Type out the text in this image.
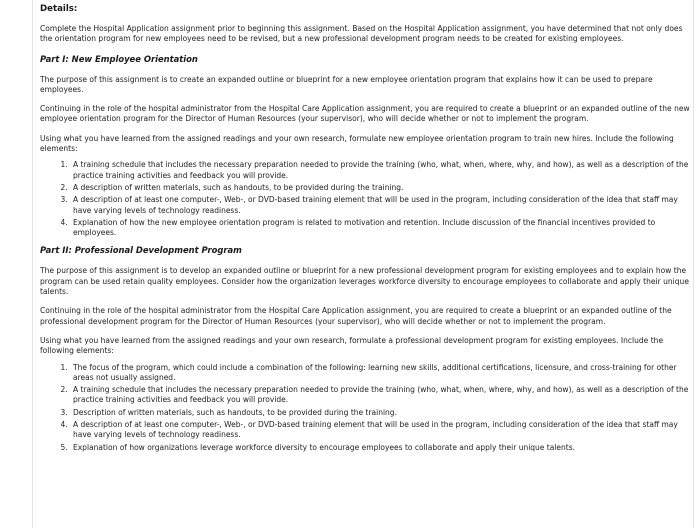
Details:

Complete the Hospital Application assignment prior to beginning this assignment. Based on the Hospital Application assignment, you have determined that not only does the orientation program for new employees need to be revised, but a new professional development program needs to be created for existing employees.

Part I: New Employee Orientation

The purpose of this assignment is to create an expanded outline or blueprint for a new employee orientation program that explains how it can be used to prepare employees.

Continuing in the role of the hospital administrator from the Hospital Care Application assignment, you are required to create a blueprint or an expanded outline of the new employee orientation program for the Director of Human Resources (your supervisor), who will decide whether or not to implement the program.

Using what you have learned from the assigned readings and your own research, formulate new employee orientation program to train new hires. Include the following elements:

1. A training schedule that includes the necessary preparation needed to provide the training (who, what, when, where, why, and how), as well as a description of the practice training activities and feedback you will provide.
2. A description of written materials, such as handouts, to be provided during the training.
3. A description of at least one computer-, Web-, or DVD-based training element that will be used in the program, including consideration of the idea that staff may have varying levels of technology readiness.
4. Explanation of how the new employee orientation program is related to motivation and retention. Include discussion of the financial incentives provided to employees.
Part II: Professional Development Program

The purpose of this assignment is to develop an expanded outline or blueprint for a new professional development program for existing employees and to explain how the program can be used retain quality employees. Consider how the organization leverages workforce diversity to encourage employees to collaborate and apply their unique talents.

Continuing in the role of the hospital administrator from the Hospital Care Application assignment, you are required to create a blueprint or an expanded outline of the professional development program for the Director of Human Resources (your supervisor), who will decide whether or not to implement the program.

Using what you have learned from the assigned readings and your own research, formulate a professional development program for existing employees. Include the following elements:

1. The focus of the program, which could include a combination of the following: learning new skills, additional certifications, licensure, and cross-training for other areas not usually assigned.
2. A training schedule that includes the necessary preparation needed to provide the training (who, what, when, where, why, and how), as well as a description of the practice training activities and feedback you will provide.
3. Description of written materials, such as handouts, to be provided during the training.
4. A description of at least one computer-, Web-, or DVD-based training element that will be used in the program, including consideration of the idea that staff may have varying levels of technology readiness.
5. Explanation of how organizations leverage workforce diversity to encourage employees to collaborate and apply their unique talents.
